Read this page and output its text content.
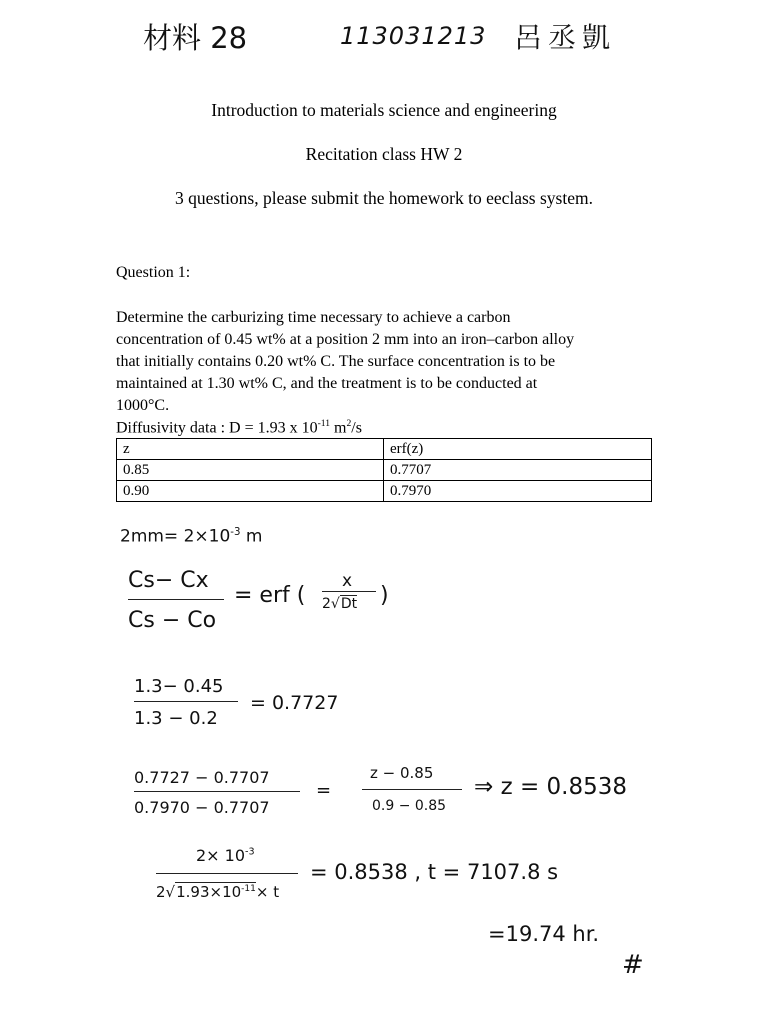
材料 28	113031213 呂丞凱
Introduction to materials science and engineering
Recitation class HW 2
3 questions, please submit the homework to eeclass system.
Question 1:
Determine the carburizing time necessary to achieve a carbon
concentration of 0.45 wt% at a position 2 mm into an iron–carbon alloy
that initially contains 0.20 wt% C. The surface concentration is to be
maintained at 1.30 wt% C, and the treatment is to be conducted at
1000°C.
Diffusivity data : D = 1.93 x $10^{-11}$ $m^2/s$
z	erf(z)
0.85	0.7707
0.90	0.7970
$2mm= 2\times 10^{-3}$ m
Cs− Cx
Cs − Co
= erf (
x
2√Dt )
1.3− 0.45
1.3 − 0.2
= 0.7727
0.7727 − 0.7707
0.7970 − 0.7707
=
z − 0.85
0.9 − 0.85
⇒ z = 0.8538
$2\times 10^{-3}$
$2√1.93\times 10^{-11}\times t$
= 0.8538 , t = 7107.8 s
=19.74 hr.
#
